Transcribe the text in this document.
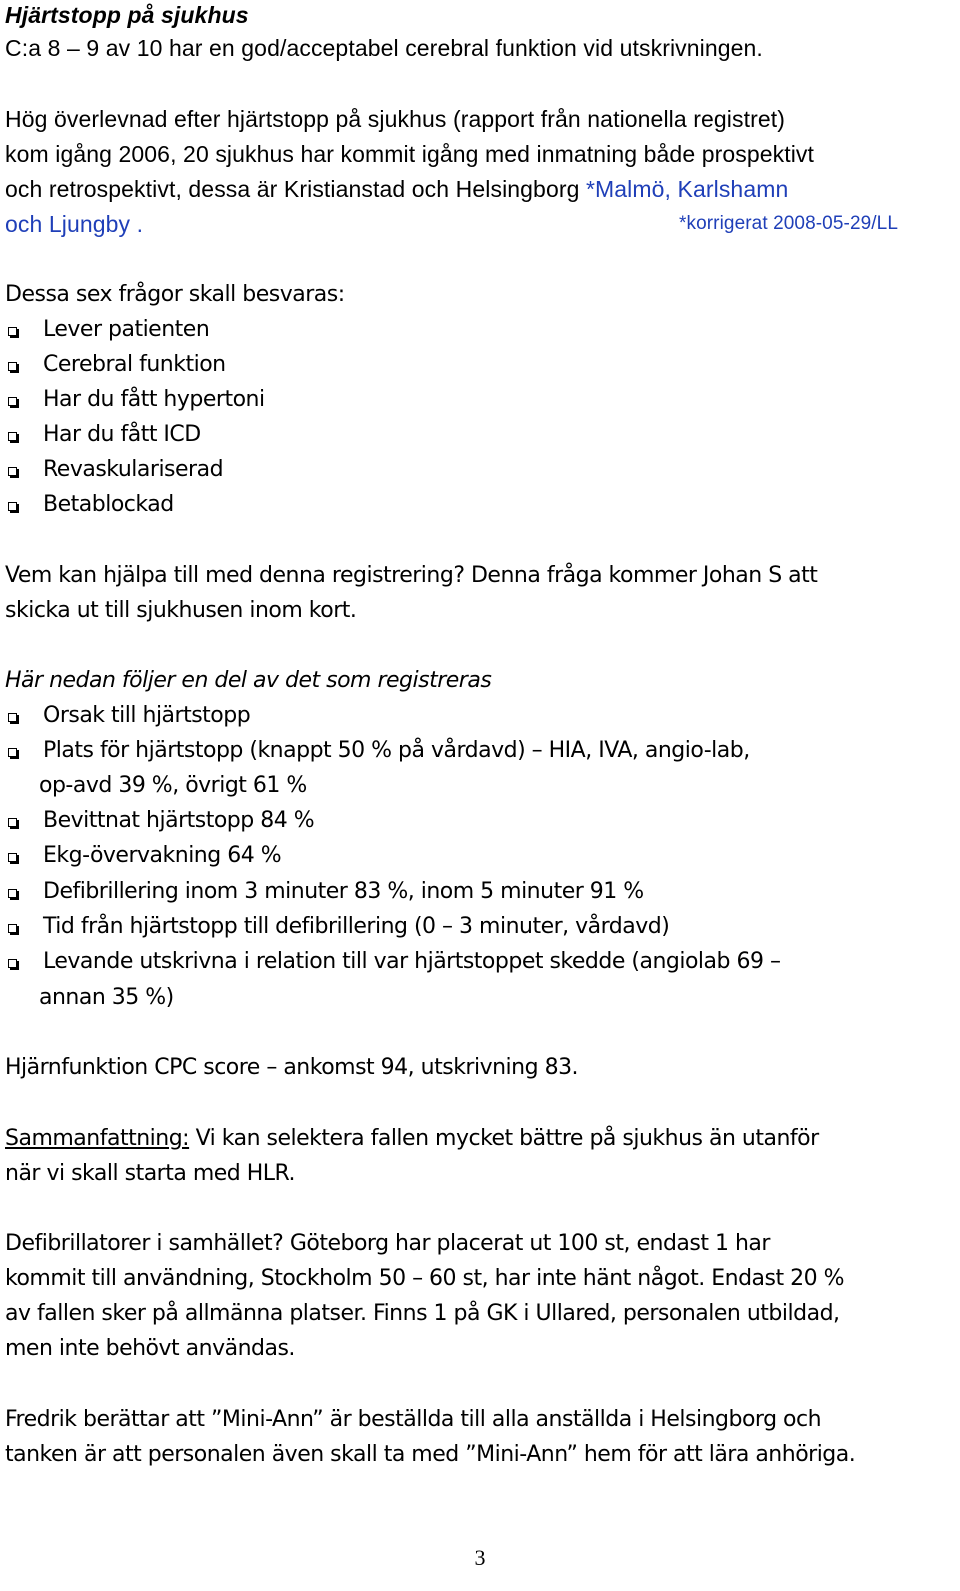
Hjärtstopp på sjukhus
C:a 8 – 9 av 10 har en god/acceptabel cerebral funktion vid utskrivningen.
Hög överlevnad efter hjärtstopp på sjukhus (rapport från nationella registret)
kom igång 2006, 20 sjukhus har kommit igång med inmatning både prospektivt
och retrospektivt, dessa är Kristianstad och Helsingborg *Malmö, Karlshamn
och Ljungby .	*korrigerat 2008-05-29/LL
Dessa sex frågor skall besvaras:
Lever patienten
Cerebral funktion
Har du fått hypertoni
Har du fått ICD
Revaskulariserad
Betablockad
Vem kan hjälpa till med denna registrering? Denna fråga kommer Johan S att
skicka ut till sjukhusen inom kort.
Här nedan följer en del av det som registreras
Orsak till hjärtstopp
Plats för hjärtstopp (knappt 50 % på vårdavd) – HIA, IVA, angio-lab,
op-avd 39 %, övrigt 61 %
Bevittnat hjärtstopp 84 %
Ekg-övervakning 64 %
Defibrillering inom 3 minuter 83 %, inom 5 minuter 91 %
Tid från hjärtstopp till defibrillering (0 – 3 minuter, vårdavd)
Levande utskrivna i relation till var hjärtstoppet skedde (angiolab 69 –
annan 35 %)
Hjärnfunktion CPC score – ankomst 94, utskrivning 83.
Sammanfattning: Vi kan selektera fallen mycket bättre på sjukhus än utanför
när vi skall starta med HLR.
Defibrillatorer i samhället? Göteborg har placerat ut 100 st, endast 1 har
kommit till användning, Stockholm 50 – 60 st, har inte hänt något. Endast 20 %
av fallen sker på allmänna platser. Finns 1 på GK i Ullared, personalen utbildad,
men inte behövt användas.
Fredrik berättar att ”Mini-Ann” är beställda till alla anställda i Helsingborg och
tanken är att personalen även skall ta med ”Mini-Ann” hem för att lära anhöriga.
3
